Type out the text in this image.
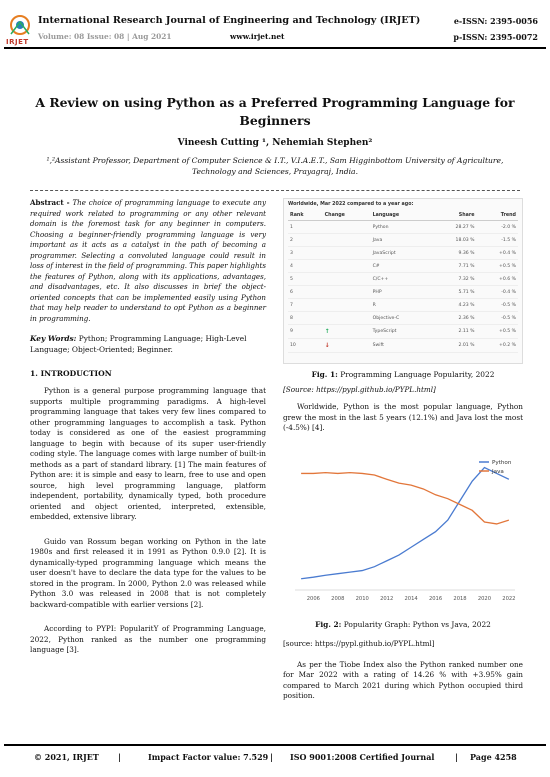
IRJET
International Research Journal of Engineering and Technology (IRJET)
Volume: 08 Issue: 08 | Aug 2021	www.irjet.net
e-ISSN: 2395-0056
p-ISSN: 2395-0072
A Review on using Python as a Preferred Programming Language for Beginners
Vineesh Cutting ¹, Nehemiah Stephen²
¹,²Assistant Professor, Department of Computer Science & I.T., V.I.A.E.T., Sam Higginbottom University of Agriculture, Technology and Sciences, Prayagraj, India.
Abstract - The choice of programming language to execute any required work related to programming or any other relevant domain is the foremost task for any beginner in computers. Choosing a beginner-friendly programming language is very important as it acts as a catalyst in the path of becoming a programmer. Selecting a convoluted language could result in loss of interest in the field of programming. This paper highlights the features of Python, along with its applications, advantages, and disadvantages, etc. It also discusses in brief the object-oriented concepts that can be implemented easily using Python that may help reader to understand to opt Python as a beginner in programming.
Key Words: Python; Programming Language; High-Level Language; Object-Oriented; Beginner.
1. INTRODUCTION

Python is a general purpose programming language that supports multiple programming paradigms. A high-level programming language that takes very few lines compared to other programming languages to accomplish a task. Python today is considered as one of the easiest programming language to begin with because of its super user-friendly coding style. The language comes with large number of built-in methods as a part of standard library. [1] The main features of Python are: it is simple and easy to learn, free to use and open source, high level programming language, platform independent, portability, dynamically typed, both procedure oriented and object oriented, interpreted, extensible, embedded, extensive library.

Guido van Rossum began working on Python in the late 1980s and first released it in 1991 as Python 0.9.0 [2]. It is dynamically-typed programming language which means the user doesn't have to declare the data type for the values to be stored in the program. In 2000, Python 2.0 was released while Python 3.0 was released in 2008 that is not completely backward-compatible with earlier versions [2].

According to PYPI: PopularitY of Programming Language, 2022, Python ranked as the number one programming language [3].

Worldwide, Mar 2022 compared to a year ago:
Rank	Change	Language	Share	Trend
1		Python	28.27 %	-2.0 %
2		Java	18.03 %	-1.5 %
3		JavaScript	9.36 %	+0.4 %
4		C#	7.71 %	+0.5 %
5		C/C++	7.32 %	+0.6 %
6		PHP	5.71 %	-0.4 %
7		R	4.23 %	-0.5 %
8		Objective-C	2.36 %	-0.5 %
9	↑	TypeScript	2.11 %	+0.5 %
10	↓	Swift	2.01 %	+0.2 %
Fig. 1: Programming Language Popularity, 2022
[Source: https://pypl.github.io/PYPL.html]

Worldwide, Python is the most popular language, Python grew the most in the last 5 years (12.1%) and Java lost the most (-4.5%) [4].

2006 2008 2010 2012 2014 2016 2018 2020 2022
Python
Java
Fig. 2: Popularity Graph: Python vs Java, 2022
[source: https://pypl.github.io/PYPL.html]

As per the Tiobe Index also the Python ranked number one for Mar 2022 with a rating of 14.26 % with +3.95% gain compared to March 2021 during which Python occupied third position.

© 2021, IRJET |	Impact Factor value: 7.529 | ISO 9001:2008 Certified Journal	| Page 4258
